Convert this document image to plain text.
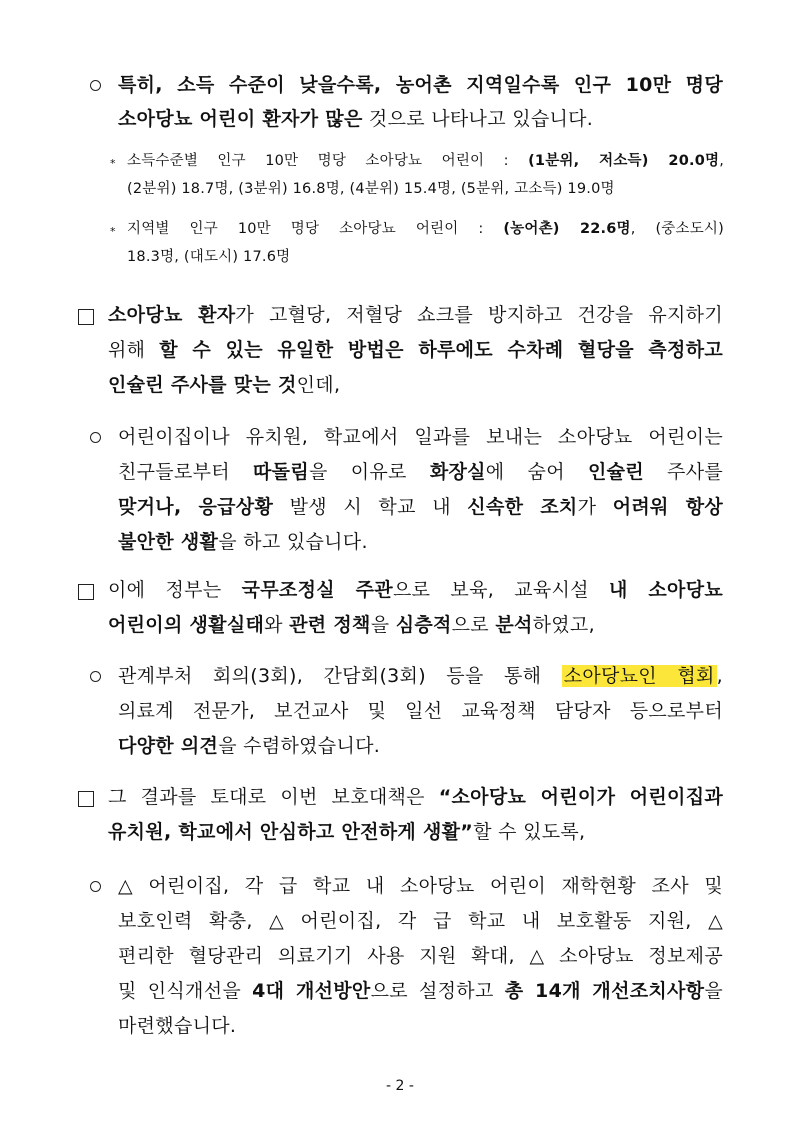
특히, 소득 수준이 낮을수록, 농어촌 지역일수록 인구 10만 명당
소아당뇨 어린이 환자가 많은 것으로 나타나고 있습니다.
* 소득수준별 인구 10만 명당 소아당뇨 어린이 : (1분위, 저소득) 20.0명,
(2분위) 18.7명, (3분위) 16.8명, (4분위) 15.4명, (5분위, 고소득) 19.0명
* 지역별 인구 10만 명당 소아당뇨 어린이 : (농어촌) 22.6명, (중소도시)
18.3명, (대도시) 17.6명
소아당뇨 환자가 고혈당, 저혈당 쇼크를 방지하고 건강을 유지하기
위해 할 수 있는 유일한 방법은 하루에도 수차례 혈당을 측정하고
인슐린 주사를 맞는 것인데,
어린이집이나 유치원, 학교에서 일과를 보내는 소아당뇨 어린이는
친구들로부터 따돌림을 이유로 화장실에 숨어 인슐린 주사를
맞거나, 응급상황 발생 시 학교 내 신속한 조치가 어려워 항상
불안한 생활을 하고 있습니다.
이에 정부는 국무조정실 주관으로 보육, 교육시설 내 소아당뇨
어린이의 생활실태와 관련 정책을 심층적으로 분석하였고,
관계부처 회의(3회), 간담회(3회) 등을 통해 소아당뇨인 협회 ,
의료계 전문가, 보건교사 및 일선 교육정책 담당자 등으로부터
다양한 의견을 수렴하였습니다.
그 결과를 토대로 이번 보호대책은 “소아당뇨 어린이가 어린이집과
유치원, 학교에서 안심하고 안전하게 생활”할 수 있도록,
△ 어린이집, 각 급 학교 내 소아당뇨 어린이 재학현황 조사 및
보호인력 확충, △ 어린이집, 각 급 학교 내 보호활동 지원, △
편리한 혈당관리 의료기기 사용 지원 확대, △ 소아당뇨 정보제공
및 인식개선을 4대 개선방안으로 설정하고 총 14개 개선조치사항을
마련했습니다.
- 2 -
